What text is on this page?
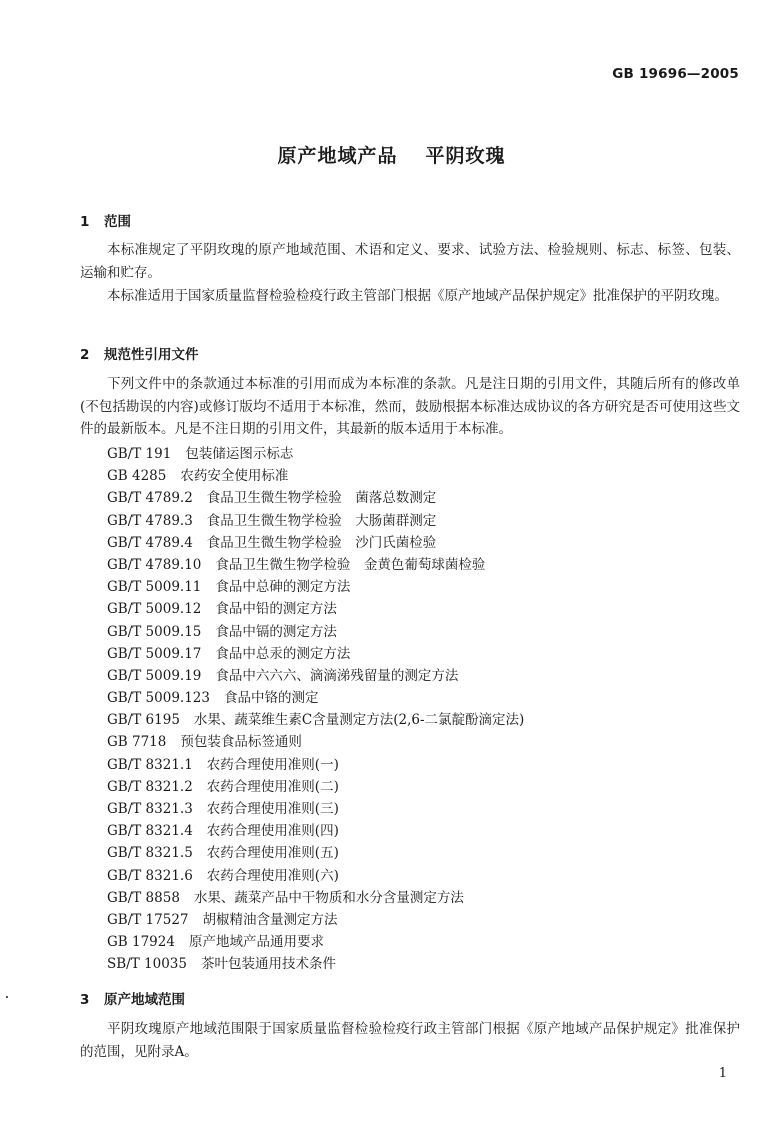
GB 19696—2005
原产地域产品 平阴玫瑰
1 范围
本标准规定了平阴玫瑰的原产地域范围、术语和定义、要求、试验方法、检验规则、标志、标签、包装、运输和贮存。
本标准适用于国家质量监督检验检疫行政主管部门根据《原产地域产品保护规定》批准保护的平阴玫瑰。
2 规范性引用文件
下列文件中的条款通过本标准的引用而成为本标准的条款。凡是注日期的引用文件，其随后所有的修改单(不包括勘误的内容)或修订版均不适用于本标准，然而，鼓励根据本标准达成协议的各方研究是否可使用这些文件的最新版本。凡是不注日期的引用文件，其最新的版本适用于本标准。
GB/T 191 包装储运图示标志
GB 4285 农药安全使用标准
GB/T 4789.2 食品卫生微生物学检验　菌落总数测定
GB/T 4789.3 食品卫生微生物学检验　大肠菌群测定
GB/T 4789.4 食品卫生微生物学检验　沙门氏菌检验
GB/T 4789.10 食品卫生微生物学检验　金黄色葡萄球菌检验
GB/T 5009.11 食品中总砷的测定方法
GB/T 5009.12 食品中铅的测定方法
GB/T 5009.15 食品中镉的测定方法
GB/T 5009.17 食品中总汞的测定方法
GB/T 5009.19 食品中六六六、滴滴涕残留量的测定方法
GB/T 5009.123 食品中铬的测定
GB/T 6195 水果、蔬菜维生素C含量测定方法(2,6-二氯靛酚滴定法)
GB 7718 预包装食品标签通则
GB/T 8321.1 农药合理使用准则(一)
GB/T 8321.2 农药合理使用准则(二)
GB/T 8321.3 农药合理使用准则(三)
GB/T 8321.4 农药合理使用准则(四)
GB/T 8321.5 农药合理使用准则(五)
GB/T 8321.6 农药合理使用准则(六)
GB/T 8858 水果、蔬菜产品中干物质和水分含量测定方法
GB/T 17527 胡椒精油含量测定方法
GB 17924 原产地域产品通用要求
SB/T 10035 茶叶包装通用技术条件
3 原产地域范围
平阴玫瑰原产地域范围限于国家质量监督检验检疫行政主管部门根据《原产地域产品保护规定》批准保护的范围，见附录A。
1
